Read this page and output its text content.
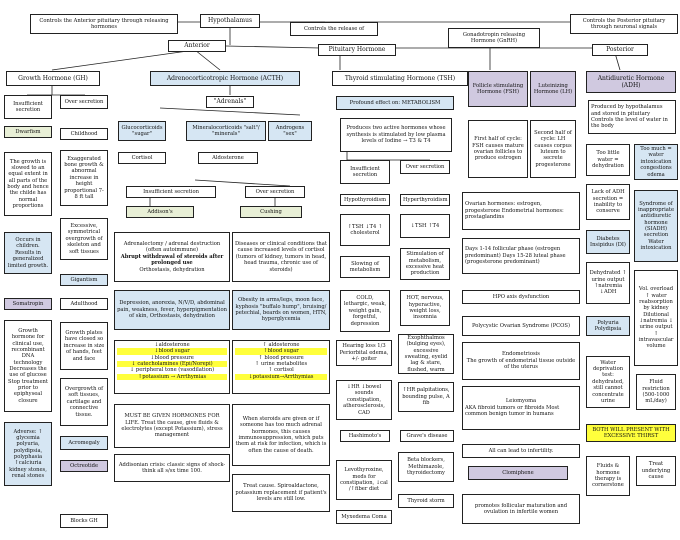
Controls the Anterior pituitary through releasing hormones
Hypothalamus
Controls the release of
Gonadotropin releasing Hormone (GnRH)
Controls the Posterior pituitary through neuronal signals
Anterior
Pituitary Hormone	Posterior
Growth Hormone (GH)
Insufficient secretion
Over secretion
Dwarfism	Childhood
The growth is slowed to an equal extent in all parts of the body and hence the childe has normal proportions
Exaggerated bone growth & abnormal increase in height proportional 7-8 ft tall
Occurs in children. Results in generalized limited growth.
Excessive, symmetrical overgrowth of skeleton and soft tissues
Gigantism
Somatropin	Adulthood
Growth hormone for clinical use, recombinant DNA technology Decreases the use of glucose Stop treatment prior to epiphyseal closure
Growth plates have closed so increase in size of hands, feet and face
Overgrowth of soft tissues, cartilage and connective tissue.
Adverse: ↑ glycemia polyuria, polydipsia, polyphasia ↑calciuria kidney stones, renal stones
Acromegaly
Octreotide
Blocks GH
Adrenocorticotropic Hormone (ACTH)
"Adrenals"
Glucocorticoids "sugar"
Mineralocorticoids "salt"/ "minerals"
Androgens "sex"
Cortisol	Aldosterone
Insufficient secretion	Over secretion
Addison's	Cushing
Adrenalectomy / adrenal destruction (often autoimmune)
Abrupt withdrawal of steroids after prolonged use
Orthostasis, dehydration
Diseases or clinical conditions that cause increased levels of cortisol (tumors of kidney, tumors in head, head trauma, chronic use of steroids)
Depression, anorexia, N/V/D, abdominal pain, weakness, fever, hyperpigmentation of skin, Orthostasis, dehydration
Obesity in arms/legs, moon face, kyphosis "buffalo hump", bruising/ petechial, beards on women, HTN, hyperglycemia
↓aldosterone
↓blood sugar
↓blood pressure
↓ catecholamines (Epi/Norepi)
↓ peripheral tone (vasodilation)
↑potassium → Arrthymias
↑ aldosterone
↑blood sugar
↑ blood pressure
↑ urine metabolites
↑ cortisol
↓potassium→Arrthymias
MUST BE GIVEN HORMONES FOR LIFE. Treat the cause, give fluids & electrolytes (except Potassium), stress management
Addisonian crisis: classic signs of shock- think all s/sx time 100.
When steroids are given or if someone has too much adrenal hormones, this causes immunosuppression, which puts them at risk for infection, which is often the cause of death.
Treat cause. Spiroaldactone, potassium replacement if patient's levels are still low.
Thyroid stimulating Hormone (TSH)
Profound effect on: METABOLISM
Produces two active hormones whose synthesis is stimulated by low plasma levels of Iodine → T3 & T4
Insufficient secretion
Over secretion
Hypothyroidism	Hyperthyroidism
↑TSH ↓T4 ↑ cholesterol
↓TSH ↑T4
Slowing of metabolism
Stimulation of metabolism, excessive heat production
COLD, lethargic, weak, weight gain, forgetful, depression
HOT, nervous, hyperactive, weight loss, insomnia
Hearing loss 1/3 Periorbital edema, +/- goiter
Exophthalmos (bulging eyes), excessive sweating, eyelid lag & stare, flushed, warm
↓HR ↓bowel sounds constipation, atherosclerosis, CAD
↑HR palpitations, bounding pulse, A fib
Hashimoto's	Grave's disease
Levothyroxine, meds for constipation, ↓cal /↑fiber diet
Beta blockers, Methimazole, thyroidectomy
Myxedema Coma
Thyroid storm
Follicle stimulating Hormone (FSH)
Luteinizing Hormone (LH)
First half of cycle: FSH causes mature ovarian follicles to produce estrogen
Second half of cycle: LH causes corpus luteum to secrete progesterone
Ovarian hormones: estrogen, progesterone Endometrial hormones: prostaglandins
Days 1-14 follicular phase (estrogen predominant) Days 15-28 luteal phase (progesterone predominant)
HPO axis dysfunction
Polycystic Ovarian Syndrome (PCOS)
Endometriosis
The growth of endometrial tissue outside of the uterus
Leiomyoma
AKA fibroid tumors or fibroids Most common benign tumor in humans
All can lead to infertility.
Clomiphene
promotes follicular maturation and ovulation in infertile women
Antidiuretic Hormone (ADH)
Produced by hypothalamus and stored in pituitary Controls the level of water in the body
Too little water = dehydration
Too much = water intoxication congestions edema
Lack of ADH secretion = inability to conserve
Syndrome of inappropriate antidiuretic hormone (SIADH) secretion Water intoxication
Diabetes Insipidus (DI)
Dehydrated ↑ urine output ↑natremia ↓ADH
Vol. overload ↑ water reabsorption by kidney Dilutional ↓natremia ↓ urine output ↑ intravascular volume
Polyuria Polydipsia
Water deprivation test: dehydrated, still cannot concentrate urine
Fluid restriction (500-1000 mL/day)
BOTH WILL PRESENT WITH EXCESSIVE THIRST
Fluids & hormone therapy is cornerstone
Treat underlying cause
